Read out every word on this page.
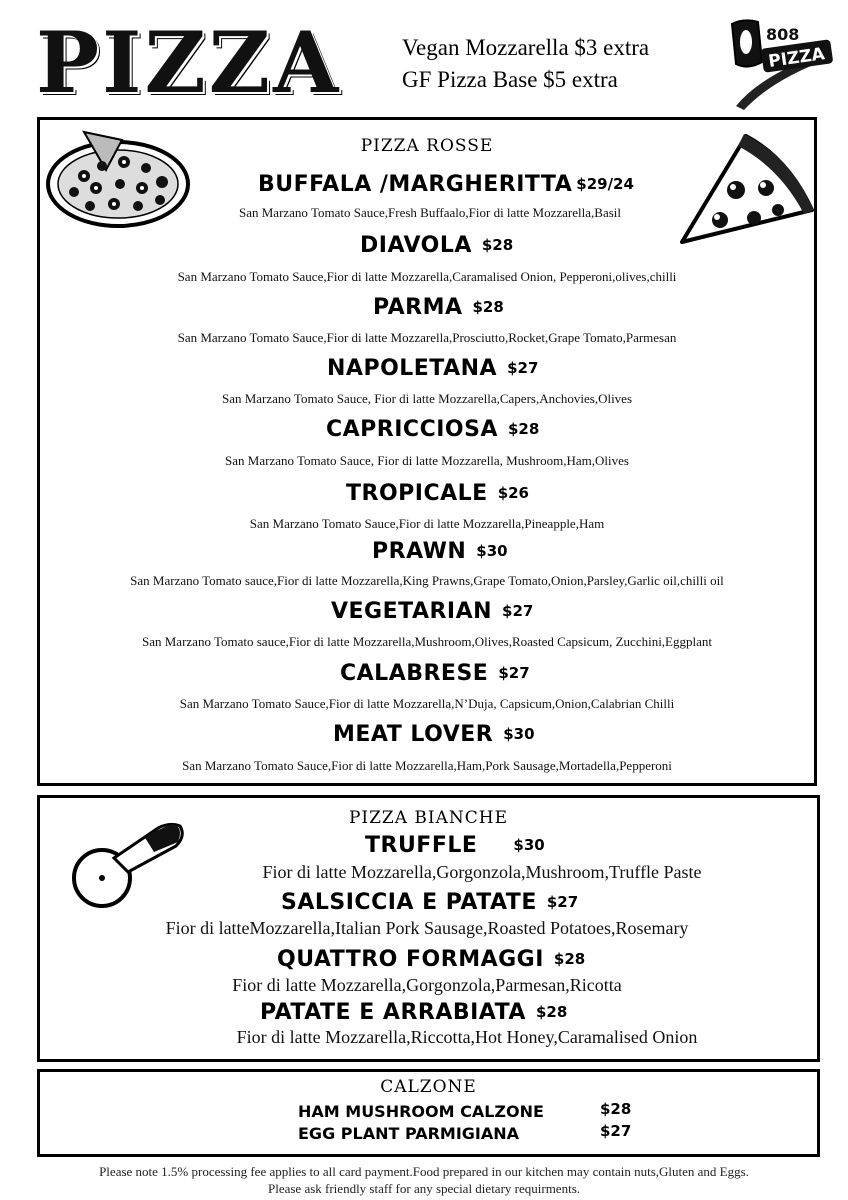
PIZZA	Vegan Mozzarella $3 extra
GF Pizza Base $5 extra
808
PIZZA
PIZZA ROSSE
BUFFALA /MARGHERITTA $29/24
San Marzano Tomato Sauce,Fresh Buffaalo,Fior di latte Mozzarella,Basil
DIAVOLA $28
San Marzano Tomato Sauce,Fior di latte Mozzarella,Caramalised Onion, Pepperoni,olives,chilli
PARMA $28
San Marzano Tomato Sauce,Fior di latte Mozzarella,Prosciutto,Rocket,Grape Tomato,Parmesan
NAPOLETANA $27
San Marzano Tomato Sauce, Fior di latte Mozzarella,Capers,Anchovies,Olives
CAPRICCIOSA $28
San Marzano Tomato Sauce, Fior di latte Mozzarella, Mushroom,Ham,Olives
TROPICALE $26
San Marzano Tomato Sauce,Fior di latte Mozzarella,Pineapple,Ham
PRAWN $30
San Marzano Tomato sauce,Fior di latte Mozzarella,King Prawns,Grape Tomato,Onion,Parsley,Garlic oil,chilli oil
VEGETARIAN $27
San Marzano Tomato sauce,Fior di latte Mozzarella,Mushroom,Olives,Roasted Capsicum, Zucchini,Eggplant
CALABRESE $27
San Marzano Tomato Sauce,Fior di latte Mozzarella,N’Duja, Capsicum,Onion,Calabrian Chilli
MEAT LOVER $30
San Marzano Tomato Sauce,Fior di latte Mozzarella,Ham,Pork Sausage,Mortadella,Pepperoni
PIZZA BIANCHE
TRUFFLE $30
Fior di latte Mozzarella,Gorgonzola,Mushroom,Truffle Paste
SALSICCIA E PATATE $27
Fior di latteMozzarella,Italian Pork Sausage,Roasted Potatoes,Rosemary
QUATTRO FORMAGGI $28
Fior di latte Mozzarella,Gorgonzola,Parmesan,Ricotta
PATATE E ARRABIATA $28
Fior di latte Mozzarella,Riccotta,Hot Honey,Caramalised Onion
CALZONE
HAM MUSHROOM CALZONE	$28
EGG PLANT PARMIGIANA	$27
Please note 1.5% processing fee applies to all card payment.Food prepared in our kitchen may contain nuts,Gluten and Eggs.
Please ask friendly staff for any special dietary requirments.
